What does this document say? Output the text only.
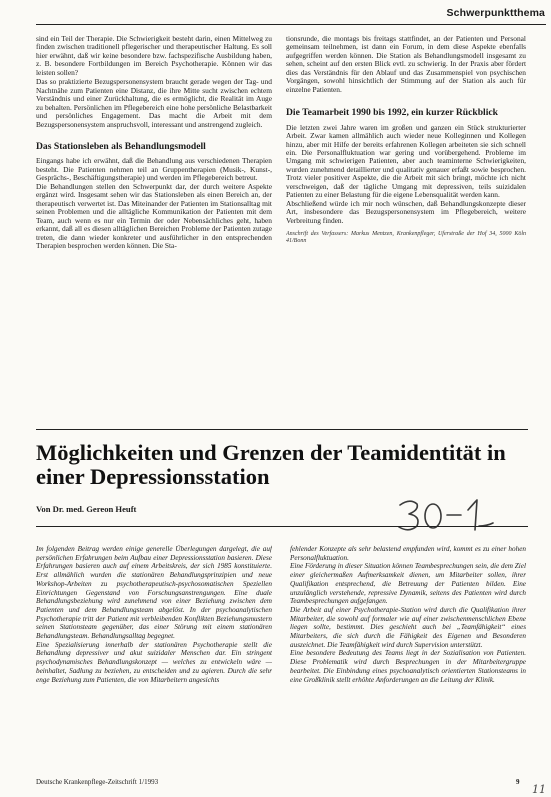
Schwerpunktthema

sind ein Teil der Therapie. Die Schwierigkeit besteht darin, einen Mittelweg zu finden zwischen traditionell pflegerischer und therapeutischer Haltung. Es soll hier erwähnt, daß wir keine besondere bzw. fachspezifische Ausbildung haben, z. B. besondere Fortbildungen im Bereich Psychotherapie. Können wir das leisten sollen?

Das so praktizierte Bezugspersonensystem braucht gerade wegen der Tag- und Nachtnähe zum Patienten eine Distanz, die ihre Mitte sucht zwischen echtem Verständnis und einer Zurückhaltung, die es ermöglicht, die Realität im Auge zu behalten. Persönlichen im Pflegebereich eine hohe persönliche Belastbarkeit und persönliches Engagement. Das macht die Arbeit mit dem Bezugspersonensystem anspruchsvoll, interessant und anstrengend zugleich.

Das Stationsleben als Behandlungsmodell

Eingangs habe ich erwähnt, daß die Behandlung aus verschiedenen Therapien besteht. Die Patienten nehmen teil an Gruppentherapien (Musik-, Kunst-, Gesprächs-, Beschäftigungstherapie) und werden im Pflegebereich betreut.

Die Behandlungen stellen den Schwerpunkt dar, der durch weitere Aspekte ergänzt wird. Insgesamt sehen wir das Stationsleben als einen Bereich an, der therapeutisch verwertet ist. Das Miteinander der Patienten im Stationsalltag mit seinen Problemen und die alltägliche Kommunikation der Patienten mit dem Team, auch wenn es nur ein Termin der oder Nebensächliches geht, haben erkannt, daß all es diesen alltäglichen Bereichen Probleme der Patienten zutage treten, die dann wieder konkreter und ausführlicher in den entsprechenden Therapien besprochen werden können. Die Sta-

tionsrunde, die montags bis freitags stattfindet, an der Patienten und Personal gemeinsam teilnehmen, ist dann ein Forum, in dem diese Aspekte ebenfalls aufgegriffen werden können. Die Station als Behandlungsmodell insgesamt zu sehen, scheint auf den ersten Blick evtl. zu schwierig. In der Praxis aber fördert dies das Verständnis für den Ablauf und das Zusammenspiel von psychischen Vorgängen, sowohl hinsichtlich der Stimmung auf der Station als auch für einzelne Patienten.

Die Teamarbeit 1990 bis 1992, ein kurzer Rückblick

Die letzten zwei Jahre waren im großen und ganzen ein Stück strukturierter Arbeit. Zwar kamen allmählich auch wieder neue Kolleginnen und Kollegen hinzu, aber mit Hilfe der bereits erfahrenen Kollegen arbeiteten sie sich schnell ein. Die Personalfluktuation war gering und vorübergehend. Probleme im Umgang mit schwierigen Patienten, aber auch teaminterne Schwierigkeiten, wurden zunehmend detaillierter und qualitativ genauer erfaßt sowie besprochen. Trotz vieler positiver Aspekte, die die Arbeit mit sich bringt, möchte ich nicht verschweigen, daß der tägliche Umgang mit depressiven, teils suizidalen Patienten zu einer Belastung für die eigene Lebensqualität werden kann.

Abschließend würde ich mir noch wünschen, daß Behandlungskonzepte dieser Art, insbesondere das Bezugspersonensystem im Pflegebereich, weitere Verbreitung finden.

Anschrift des Verfassers: Markus Mentzen, Krankenpfleger, Uferstraße der Hof 34, 5000 Köln 41/Bonn

Möglichkeiten und Grenzen der Teamidentität in einer Depressionsstation
Von Dr. med. Gereon Heuft

Im folgenden Beitrag werden einige generelle Überlegungen dargelegt, die auf persönlichen Erfahrungen beim Aufbau einer Depressionsstation basieren. Diese Erfahrungen basieren auch auf einem Arbeitskreis, der sich 1985 konstituierte. Erst allmählich wurden die stationären Behandlungsprinzipien und neue Workshop-Arbeiten zu psychotherapeutisch-psychosomatischen Speziellen Einrichtungen Gegenstand von Forschungsanstrengungen. Eine duale Behandlungsbeziehung wird zunehmend von einer Beziehung zwischen dem Patienten und dem Behandlungsteam abgelöst. In der psychoanalytischen Psychotherapie tritt der Patient mit verbleibenden Konflikten Beziehungsmustern seinen Stationsteam gegenüber, das einer Störung mit einem stationären Behandlungsteam. Behandlungsalltag begegnet.

Eine Spezialisierung innerhalb der stationären Psychotherapie stellt die Behandlung depressiver und akut suizidaler Menschen dar. Ein stringent psychodynamisches Behandlungskonzept — welches zu entwickeln wäre — beinhaltet, Sadlung zu beziehen, zu entscheiden und zu agieren. Durch die sehr enge Beziehung zum Patienten, die von Mitarbeitern angesichts

fehlender Konzepte als sehr belastend empfunden wird, kommt es zu einer hohen Personalfluktuation.

Eine Förderung in dieser Situation können Teambesprechungen sein, die dem Ziel einer gleichermaßen Aufmerksamkeit dienen, um Mitarbeiter sollen, ihrer Qualifikation entsprechend, die Betreuung der Patienten bilden. Eine unzulänglich verstehende, repressive Dynamik, seitens des Patienten wird durch Teambesprechungen aufgefangen.

Die Arbeit auf einer Psychotherapie-Station wird durch die Qualifikation ihrer Mitarbeiter, die sowohl auf formaler wie auf einer zwischenmenschlichen Ebene liegen sollte, bestimmt. Dies geschieht auch bei „Teamfähigkeit“ eines Mitarbeiters, die sich durch die Fähigkeit des Eigenen und Besonderen auszeichnet. Die Teamfähigkeit wird durch Supervision unterstützt.

Eine besondere Bedeutung des Teams liegt in der Sozialisation von Patienten. Diese Problematik wird durch Besprechungen in der Mitarbeitergruppe bearbeitet. Die Einbindung eines psychoanalytisch orientierten Stationsteams in eine Großklinik stellt erhöhte Anforderungen an die Leitung der Klinik.

Deutsche Krankenpflege-Zeitschrift 1/1993	9
11
